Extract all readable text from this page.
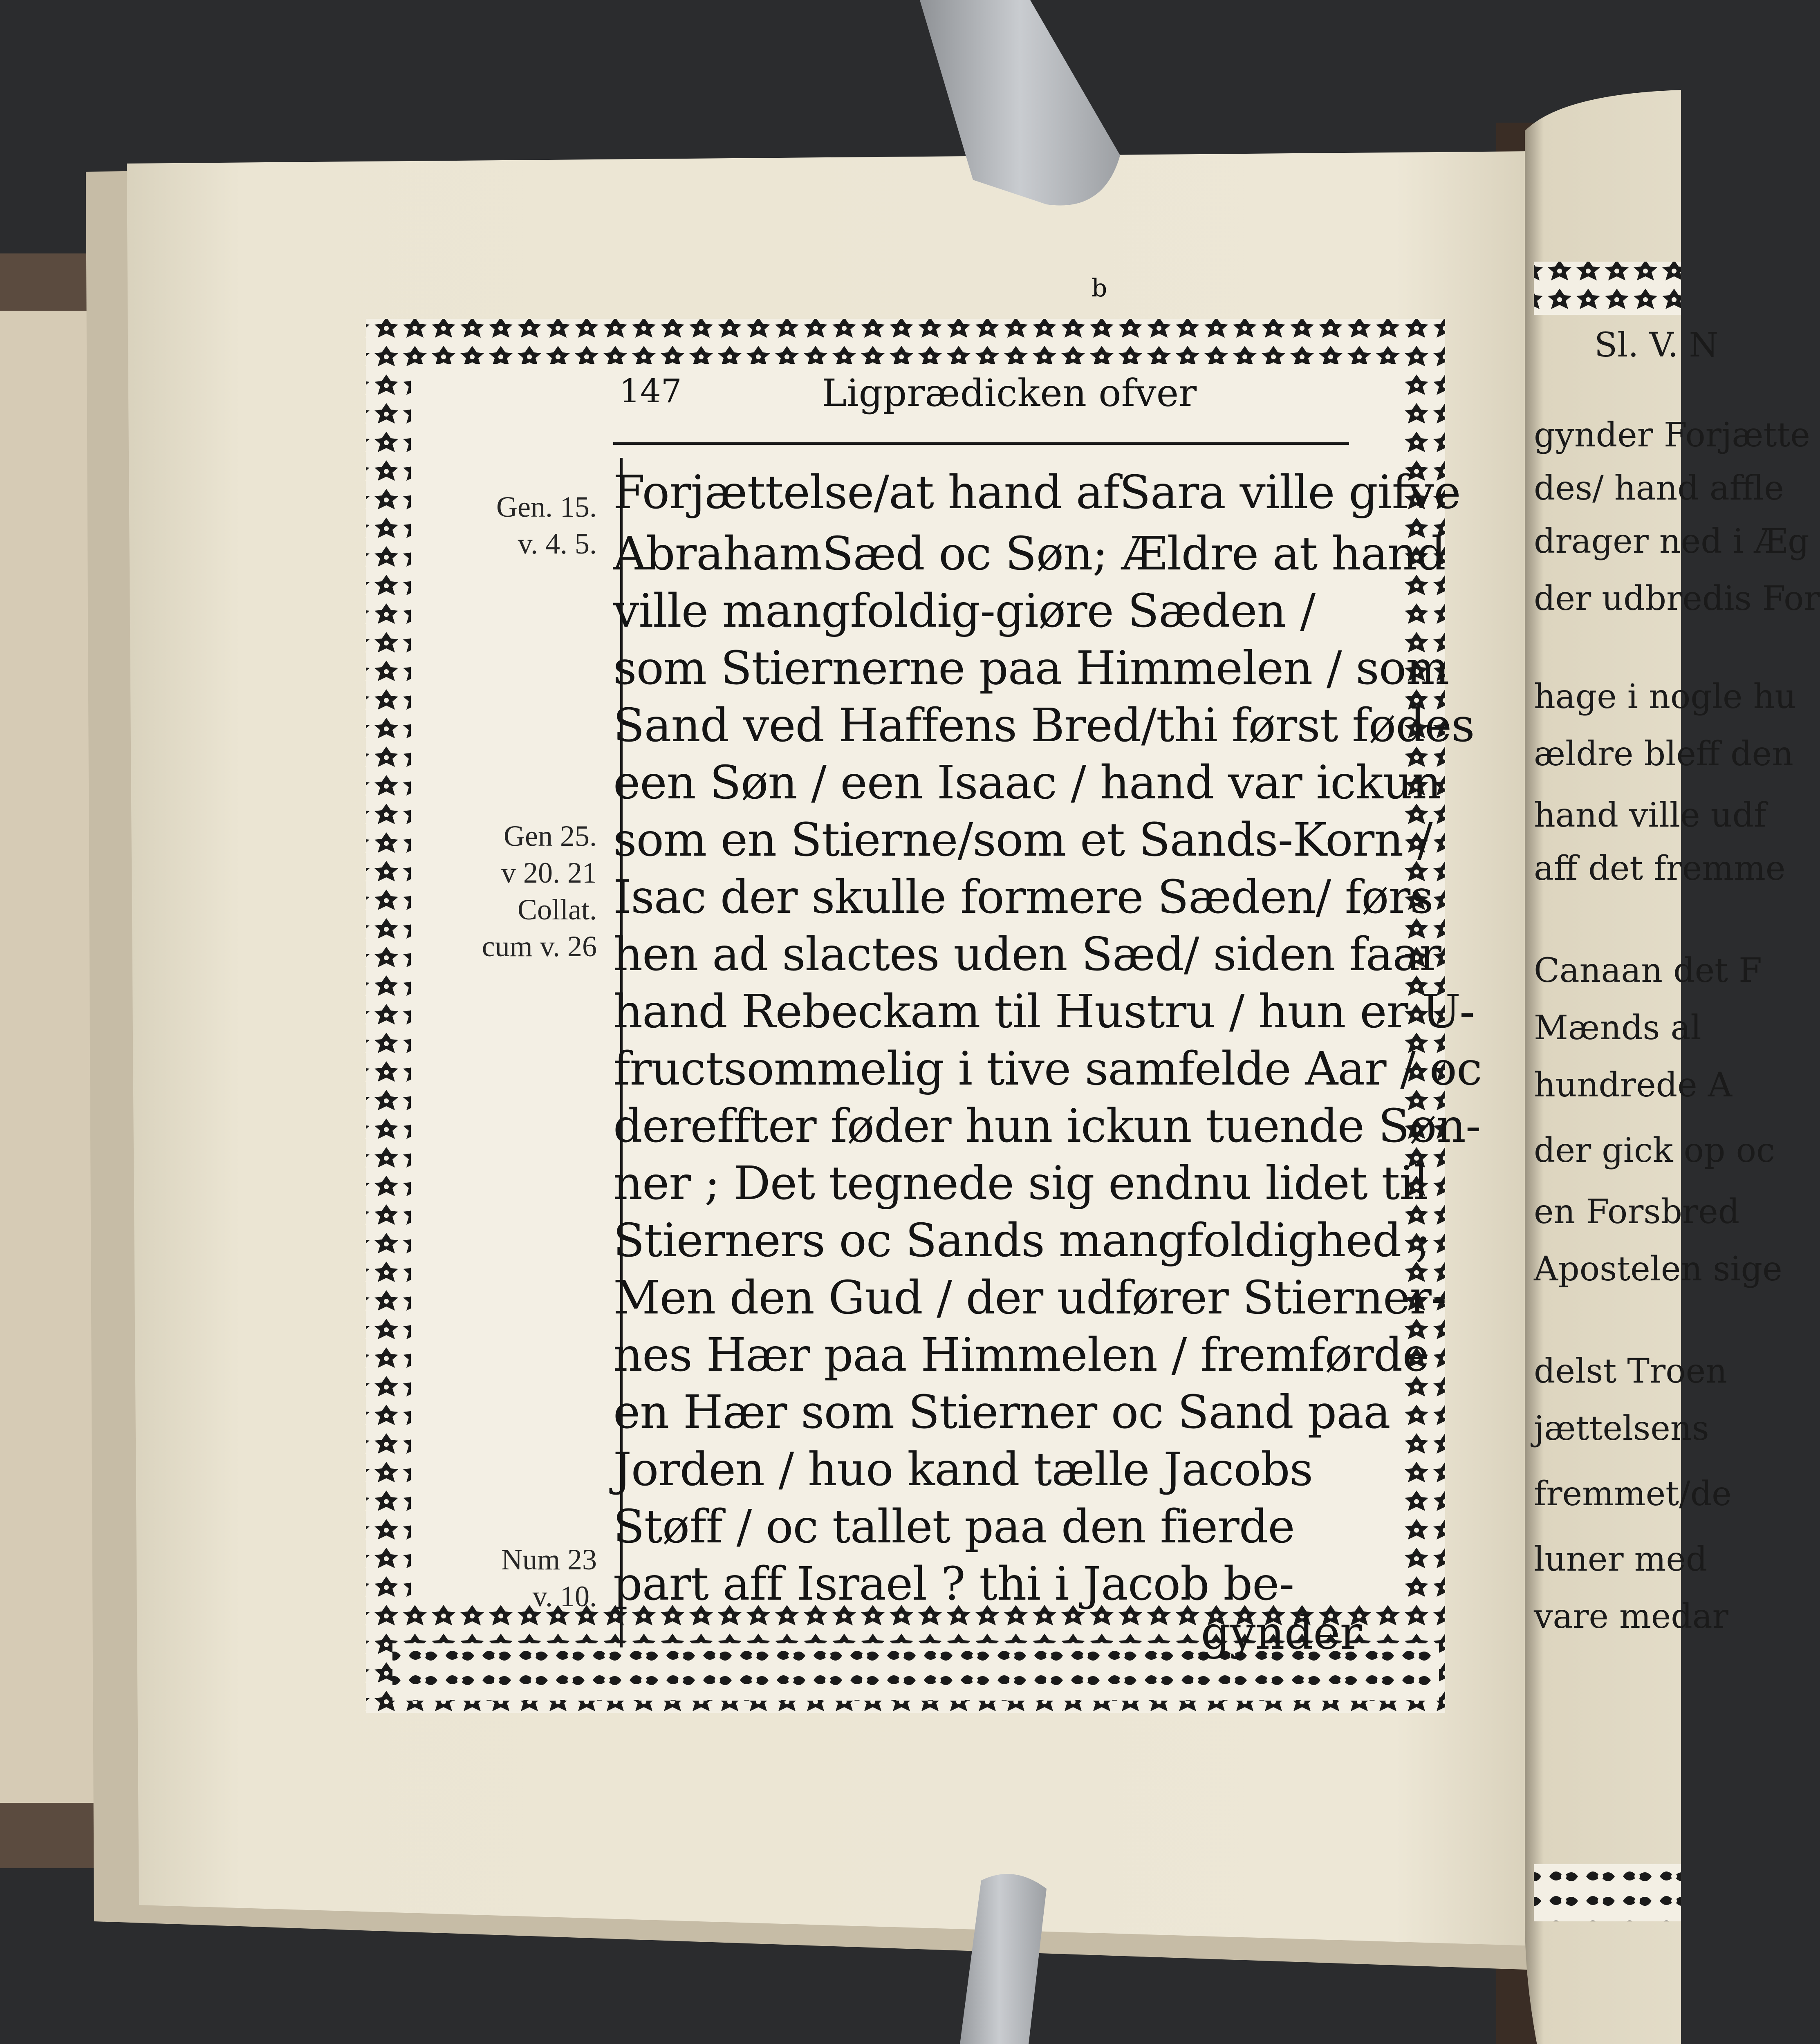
147	Ligprædicken ofver
b
Forjættelse/at hand afSara ville gifve
AbrahamSæd oc Søn; Ældre at hand
ville mangfoldig-giøre Sæden /
som Stiernerne paa Himmelen / som
Sand ved Haffens Bred/thi først fødes
een Søn / een Isaac / hand var ickun
som en Stierne/som et Sands-Korn /
Isac der skulle formere Sæden/ førs
hen ad slactes uden Sæd/ siden faar
hand Rebeckam til Hustru / hun er U-
fructsommelig i tive samfelde Aar / oc
dereffter føder hun ickun tuende Søn-
ner ; Det tegnede sig endnu lidet til
Stierners oc Sands mangfoldighed ;
Men den Gud / der udfører Stierner-
nes Hær paa Himmelen / fremførde
en Hær som Stierner oc Sand paa
Jorden / huo kand tælle Jacobs
Støff / oc tallet paa den fierde
part aff Israel ? thi i Jacob be-
gynder
Gen. 15.
v. 4. 5.
Gen 25.
v 20. 21
Collat.
cum v. 26
Num 23
v. 10.
Sl. V. N
gynder Forjætte
des/ hand affle
drager ned i Æg
der udbredis For
hage i nogle hu
ældre bleff den
hand ville udf
aff det fremme
Canaan det F
Mænds al
hundrede A
der gick op oc
en Forsbred
Apostelen sige
delst Troen
jættelsens
fremmet/de
luner med
vare medar
